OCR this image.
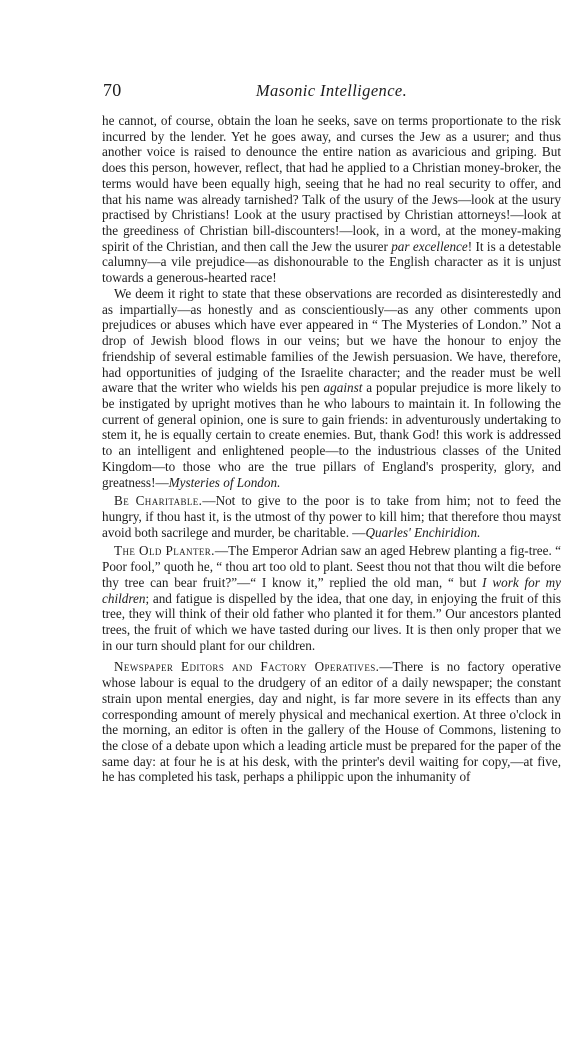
70	Masonic Intelligence.

he cannot, of course, obtain the loan he seeks, save on terms proportionate to the risk incurred by the lender. Yet he goes away, and curses the Jew as a usurer; and thus another voice is raised to denounce the entire nation as avaricious and griping. But does this person, however, reflect, that had he applied to a Christian money-broker, the terms would have been equally high, seeing that he had no real security to offer, and that his name was already tarnished? Talk of the usury of the Jews—look at the usury practised by Christians! Look at the usury practised by Christian attorneys!—look at the greediness of Christian bill-discounters!—look, in a word, at the money-making spirit of the Christian, and then call the Jew the usurer par excellence! It is a detestable calumny—a vile prejudice—as dishonourable to the English character as it is unjust towards a generous-hearted race!

We deem it right to state that these observations are recorded as disinterestedly and as impartially—as honestly and as conscientiously—as any other comments upon prejudices or abuses which have ever appeared in “ The Mysteries of London.” Not a drop of Jewish blood flows in our veins; but we have the honour to enjoy the friendship of several estimable families of the Jewish persuasion. We have, therefore, had opportunities of judging of the Israelite character; and the reader must be well aware that the writer who wields his pen against a popular prejudice is more likely to be instigated by upright motives than he who labours to maintain it. In following the current of general opinion, one is sure to gain friends: in adventurously undertaking to stem it, he is equally certain to create enemies. But, thank God! this work is addressed to an intelligent and enlightened people—to the industrious classes of the United Kingdom—to those who are the true pillars of England's prosperity, glory, and greatness!—Mysteries of London.

Be Charitable.—Not to give to the poor is to take from him; not to feed the hungry, if thou hast it, is the utmost of thy power to kill him; that therefore thou mayst avoid both sacrilege and murder, be charitable. —Quarles' Enchiridion.

The Old Planter.—The Emperor Adrian saw an aged Hebrew planting a fig-tree. “ Poor fool,” quoth he, “ thou art too old to plant. Seest thou not that thou wilt die before thy tree can bear fruit?”—“ I know it,” replied the old man, “ but I work for my children; and fatigue is dispelled by the idea, that one day, in enjoying the fruit of this tree, they will think of their old father who planted it for them.” Our ancestors planted trees, the fruit of which we have tasted during our lives. It is then only proper that we in our turn should plant for our children.

Newspaper Editors and Factory Operatives.—There is no factory operative whose labour is equal to the drudgery of an editor of a daily newspaper; the constant strain upon mental energies, day and night, is far more severe in its effects than any corresponding amount of merely physical and mechanical exertion. At three o'clock in the morning, an editor is often in the gallery of the House of Commons, listening to the close of a debate upon which a leading article must be prepared for the paper of the same day: at four he is at his desk, with the printer's devil waiting for copy,—at five, he has completed his task, perhaps a philippic upon the inhumanity of
